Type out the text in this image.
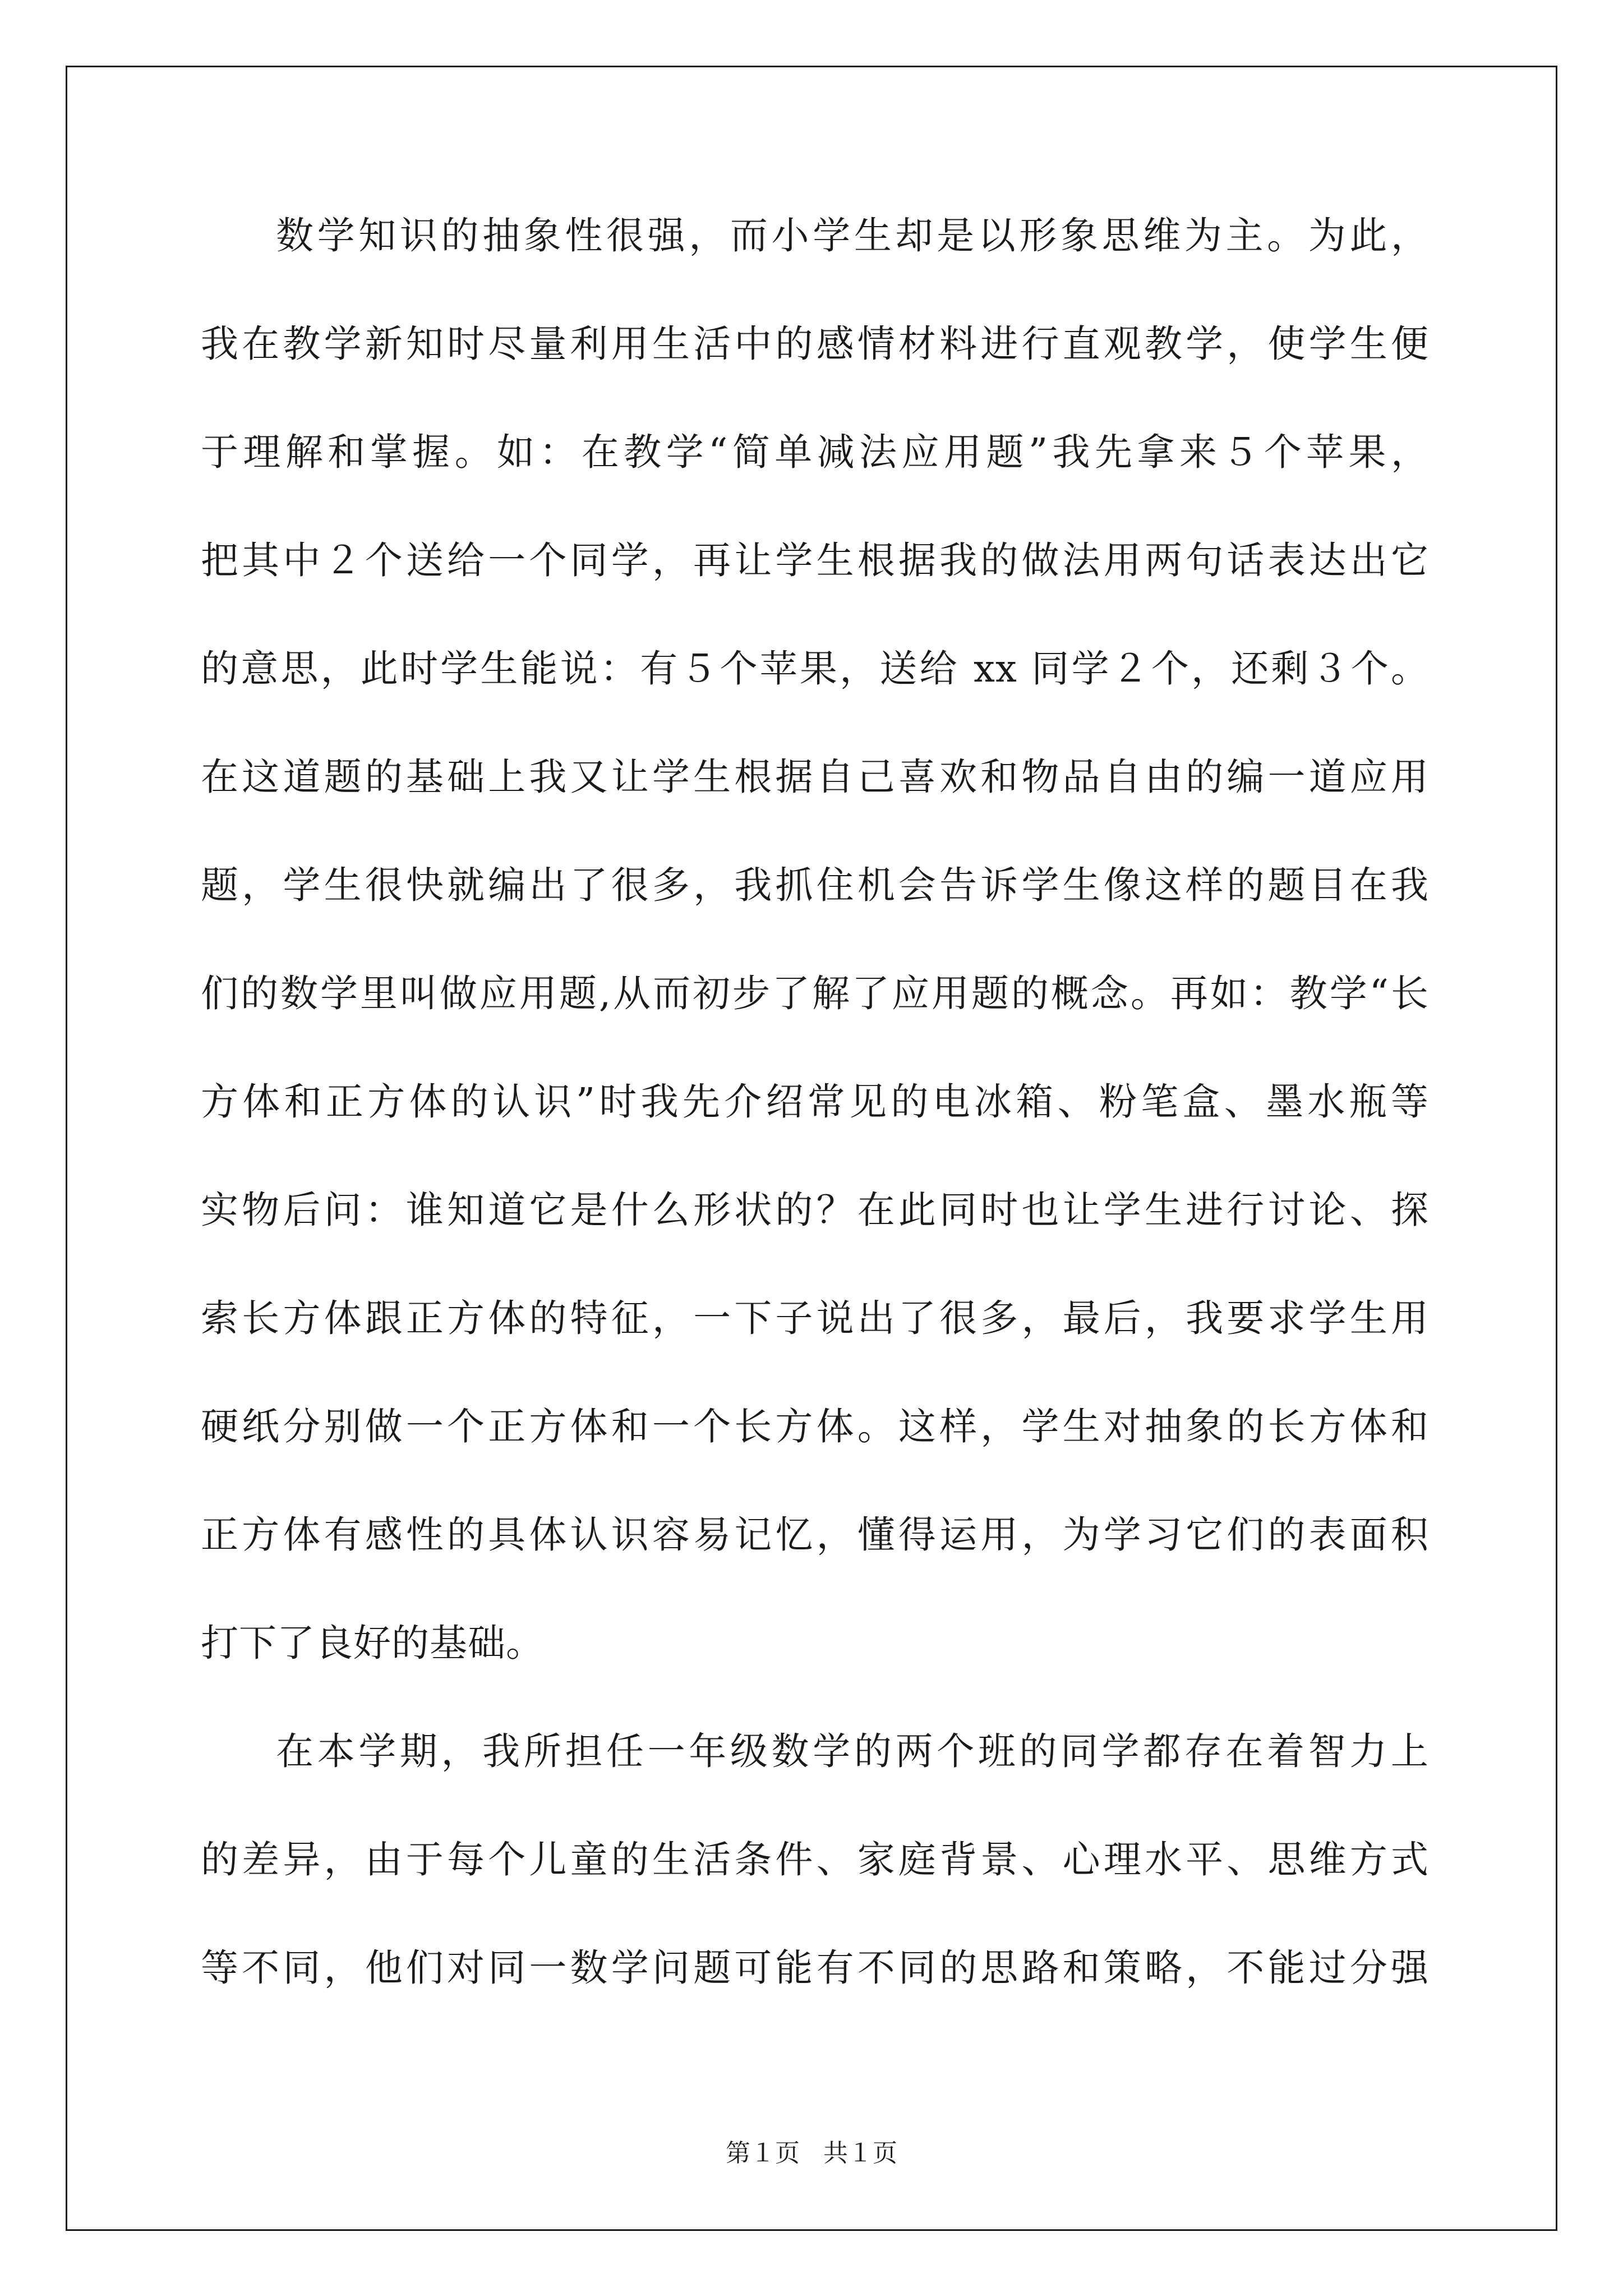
数学知识的抽象性很强，而小学生却是以形象思维为主。为此，
我在教学新知时尽量利用生活中的感情材料进行直观教学，使学生便
于理解和掌握。如：在教学“简单减法应用题”我先拿来５个苹果，
把其中２个送给一个同学，再让学生根据我的做法用两句话表达出它
的意思，此时学生能说：有５个苹果，送给 xx 同学２个，还剩３个。
在这道题的基础上我又让学生根据自己喜欢和物品自由的编一道应用
题，学生很快就编出了很多，我抓住机会告诉学生像这样的题目在我
们的数学里叫做应用题,从而初步了解了应用题的概念。再如：教学“长
方体和正方体的认识”时我先介绍常见的电冰箱、粉笔盒、墨水瓶等
实物后问：谁知道它是什么形状的？在此同时也让学生进行讨论、探
索长方体跟正方体的特征，一下子说出了很多，最后，我要求学生用
硬纸分别做一个正方体和一个长方体。这样，学生对抽象的长方体和
正方体有感性的具体认识容易记忆，懂得运用，为学习它们的表面积
打下了良好的基础。
在本学期，我所担任一年级数学的两个班的同学都存在着智力上
的差异，由于每个儿童的生活条件、家庭背景、心理水平、思维方式
等不同，他们对同一数学问题可能有不同的思路和策略，不能过分强
第１页   共１页
